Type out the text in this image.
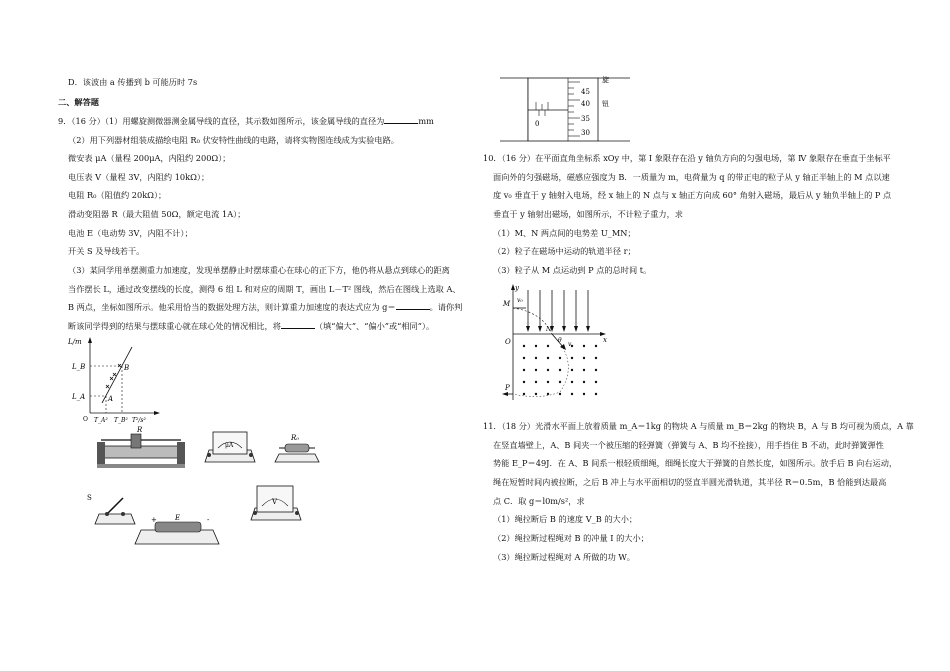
D．该波由 a 传播到 b 可能历时 7s
二、解答题
9．（16 分）（1）用螺旋测微器测金属导线的直径，其示数如图所示，该金属导线的直径为	mm
（2）用下列器材组装成描绘电阻 R₀ 伏安特性曲线的电路，请将实物图连线成为实验电路。
微安表 μA（量程 200μA，内阻约 200Ω）；
电压表 V（量程 3V，内阻约 10kΩ）；
电阻 R₀（阻值约 20kΩ）；
滑动变阻器 R（最大阻值 50Ω，额定电流 1A）；
电池 E（电动势 3V，内阻不计）；
开关 S 及导线若干。
（3）某同学用单摆测重力加速度，发现单摆静止时摆球重心在球心的正下方，他仍将从悬点到球心的距离
当作摆长 L，通过改变摆线的长度，测得 6 组 L 和对应的周期 T，画出 L－T² 图线，然后在图线上选取 A、
B 两点，坐标如图所示。他采用恰当的数据处理方法，则计算重力加速度的表达式应为 g＝	。请你判
断该同学得到的结果与摆球重心就在球心处的情况相比，将	（填“偏大”、“偏小”或“相同”）。
L/m
L_B
L_A
B
A
T_A² T_B² T²/s²
O
R
μA
R₀
S
+	-
E
V
45
40
35
30
0
旋
钮
10．（16 分）在平面直角坐标系 xOy 中，第 Ⅰ 象限存在沿 y 轴负方向的匀强电场，第 Ⅳ 象限存在垂直于坐标平
面向外的匀强磁场，磁感应强度为 B．一质量为 m，电荷量为 q 的带正电的粒子从 y 轴正半轴上的 M 点以速
度 v₀ 垂直于 y 轴射入电场，经 x 轴上的 N 点与 x 轴正方向成 60° 角射入磁场，最后从 y 轴负半轴上的 P 点
垂直于 y 轴射出磁场，如图所示，不计粒子重力，求
（1）M、N 两点间的电势差 U_MN；
（2）粒子在磁场中运动的轨道半径 r；
（3）粒子从 M 点运动到 P 点的总时间 t。
11．（18 分）光滑水平面上放着质量 m_A＝1kg 的物块 A 与质量 m_B＝2kg 的物块 B，A 与 B 均可视为质点，A 靠
在竖直墙壁上，A、B 间夹一个被压缩的轻弹簧（弹簧与 A、B 均不拴接），用手挡住 B 不动，此时弹簧弹性
势能 E_P＝49J．在 A、B 间系一根轻质细绳，细绳长度大于弹簧的自然长度，如图所示。放手后 B 向右运动，
绳在短暂时间内被拉断，之后 B 冲上与水平面相切的竖直半圆光滑轨道，其半径 R＝0.5m，B 恰能到达最高
点 C．取 g＝l0m/s²，求
（1）绳拉断后 B 的速度 V_B 的大小；
（2）绳拉断过程绳对 B 的冲量 I 的大小；
（3）绳拉断过程绳对 A 所做的功 W。
y
x
M v₀
O
N
θ
v
P
